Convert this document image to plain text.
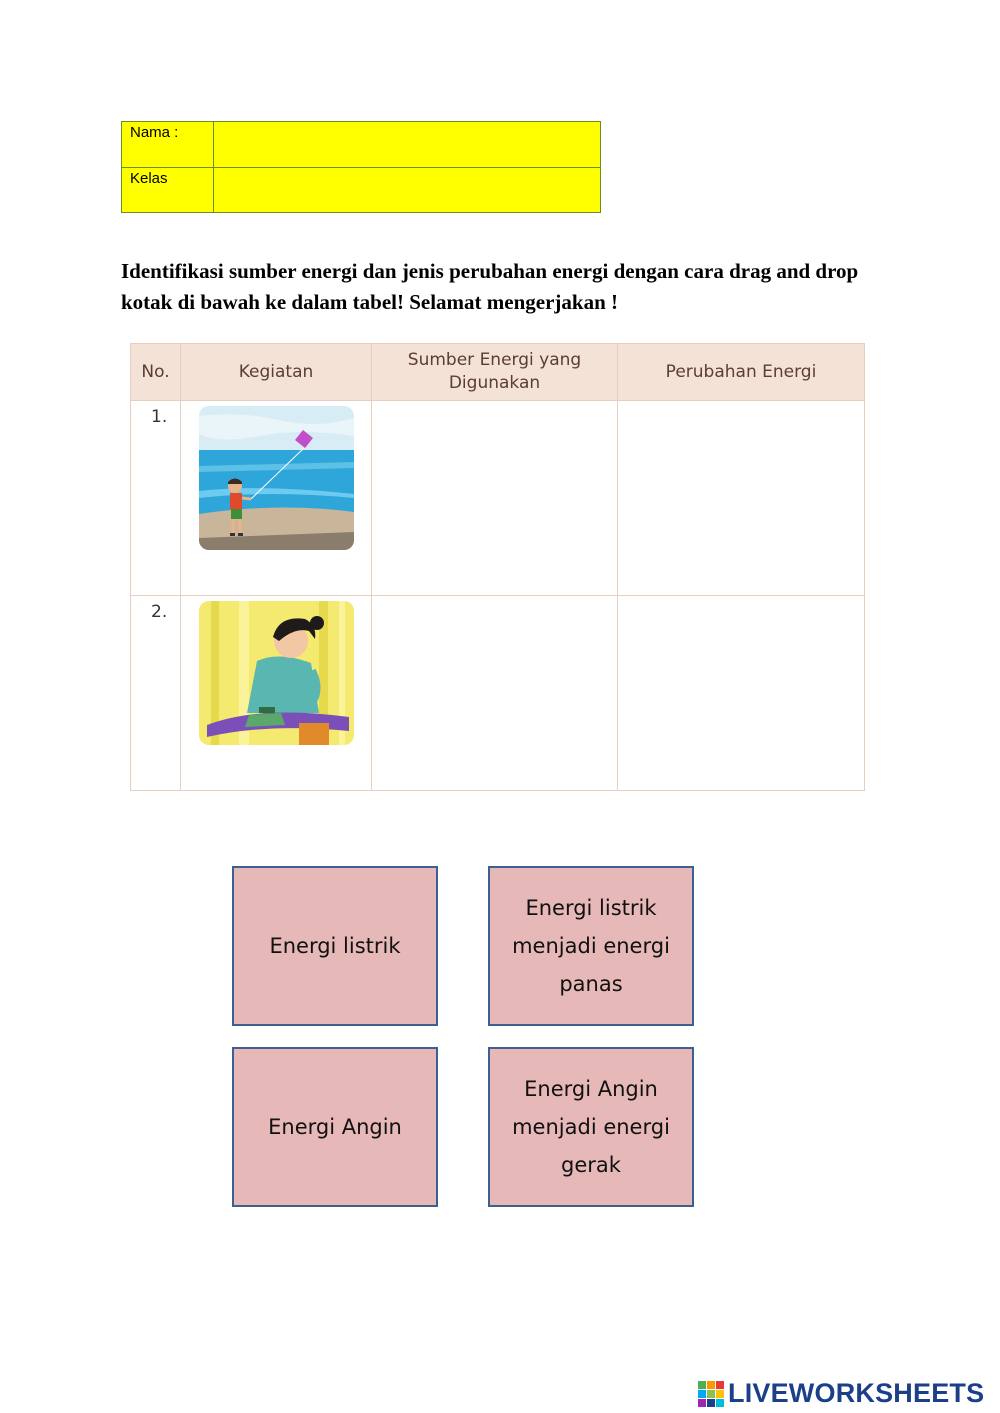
Nama :	
Kelas	
Identifikasi sumber energi dan jenis perubahan energi dengan cara drag and drop kotak di bawah ke dalam tabel! Selamat mengerjakan !
No.	Kegiatan	Sumber Energi yang Digunakan	Perubahan Energi
1.	

2.	

Energi listrik
Energi listrik menjadi energi panas
Energi Angin
Energi Angin menjadi energi gerak
LIVEWORKSHEETS
